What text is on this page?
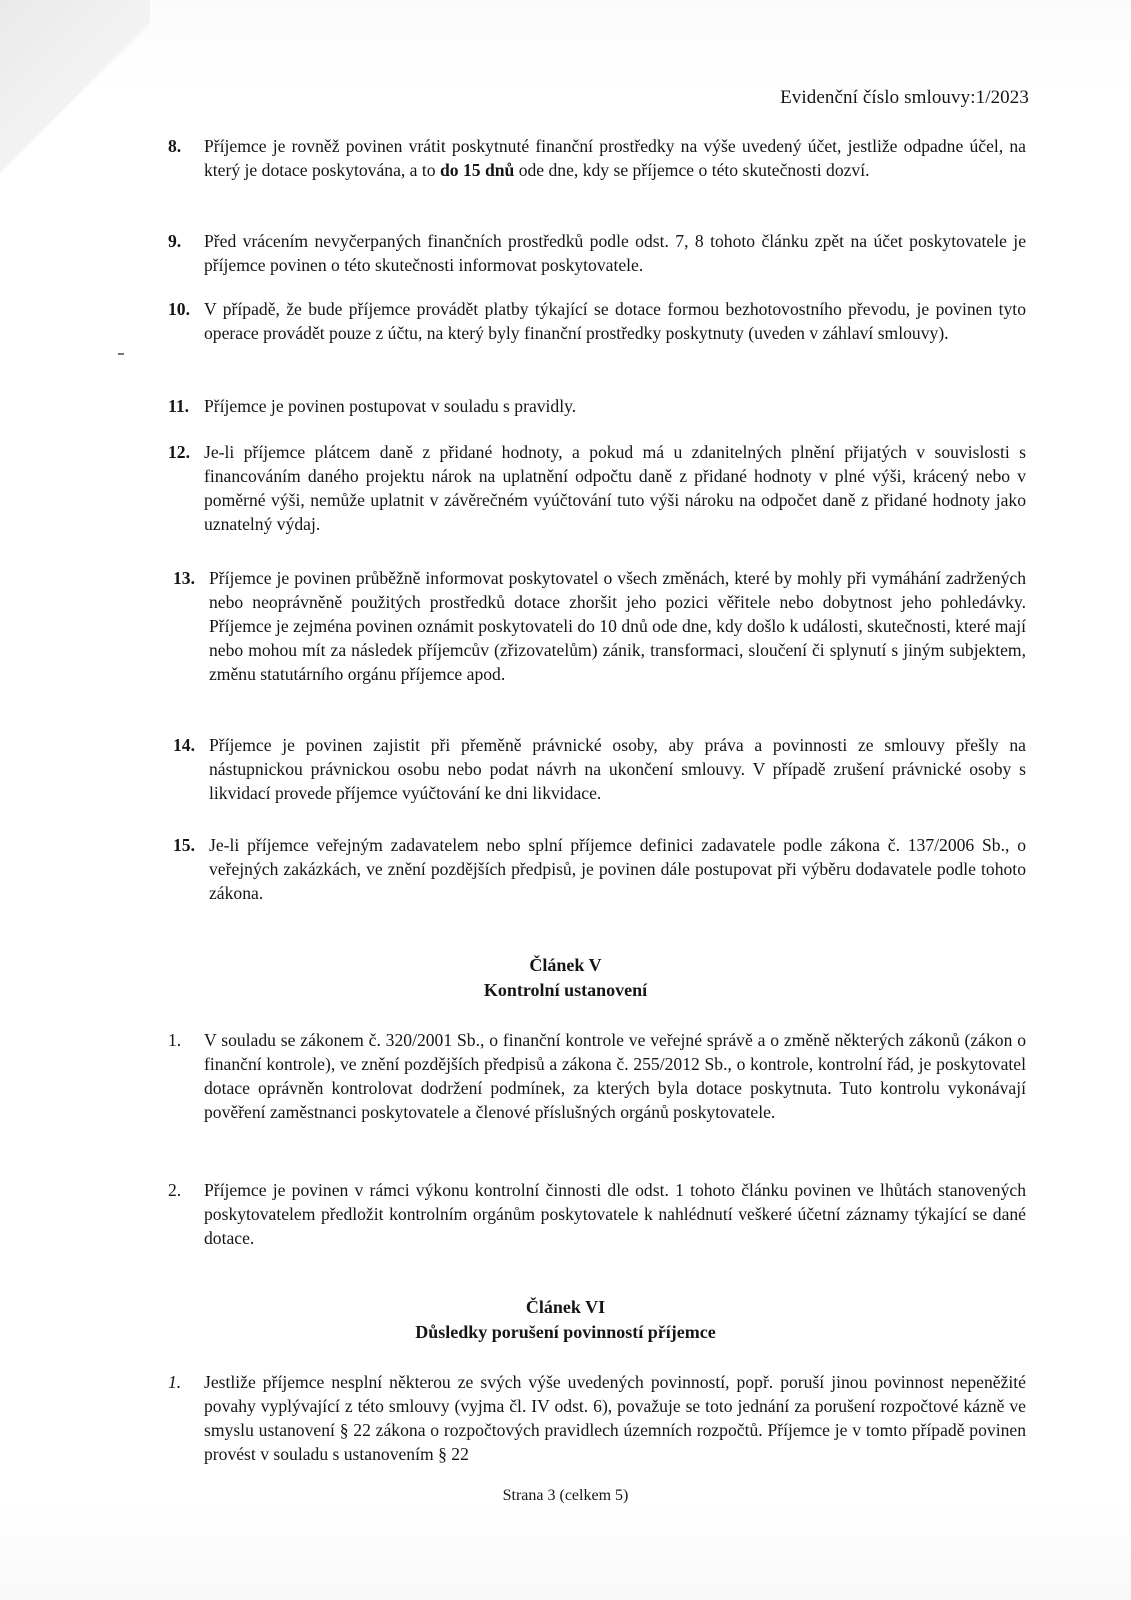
Evidenční číslo smlouvy:1/2023
8. Příjemce je rovněž povinen vrátit poskytnuté finanční prostředky na výše uvedený účet, jestliže odpadne účel, na který je dotace poskytována, a to do 15 dnů ode dne, kdy se příjemce o této skutečnosti dozví.
9. Před vrácením nevyčerpaných finančních prostředků podle odst. 7, 8 tohoto článku zpět na účet poskytovatele je příjemce povinen o této skutečnosti informovat poskytovatele.
10. V případě, že bude příjemce provádět platby týkající se dotace formou bezhotovostního převodu, je povinen tyto operace provádět pouze z účtu, na který byly finanční prostředky poskytnuty (uveden v záhlaví smlouvy).
11. Příjemce je povinen postupovat v souladu s pravidly.
12. Je-li příjemce plátcem daně z přidané hodnoty, a pokud má u zdanitelných plnění přijatých v souvislosti s financováním daného projektu nárok na uplatnění odpočtu daně z přidané hodnoty v plné výši, krácený nebo v poměrné výši, nemůže uplatnit v závěrečném vyúčtování tuto výši nároku na odpočet daně z přidané hodnoty jako uznatelný výdaj.
13. Příjemce je povinen průběžně informovat poskytovatel o všech změnách, které by mohly při vymáhání zadržených nebo neoprávněně použitých prostředků dotace zhoršit jeho pozici věřitele nebo dobytnost jeho pohledávky. Příjemce je zejména povinen oznámit poskytovateli do 10 dnů ode dne, kdy došlo k události, skutečnosti, které mají nebo mohou mít za následek příjemcův (zřizovatelům) zánik, transformaci, sloučení či splynutí s jiným subjektem, změnu statutárního orgánu příjemce apod.
14. Příjemce je povinen zajistit při přeměně právnické osoby, aby práva a povinnosti ze smlouvy přešly na nástupnickou právnickou osobu nebo podat návrh na ukončení smlouvy. V případě zrušení právnické osoby s likvidací provede příjemce vyúčtování ke dni likvidace.
15. Je-li příjemce veřejným zadavatelem nebo splní příjemce definici zadavatele podle zákona č. 137/2006 Sb., o veřejných zakázkách, ve znění pozdějších předpisů, je povinen dále postupovat při výběru dodavatele podle tohoto zákona.
Článek V
Kontrolní ustanovení
1. V souladu se zákonem č. 320/2001 Sb., o finanční kontrole ve veřejné správě a o změně některých zákonů (zákon o finanční kontrole), ve znění pozdějších předpisů a zákona č. 255/2012 Sb., o kontrole, kontrolní řád, je poskytovatel dotace oprávněn kontrolovat dodržení podmínek, za kterých byla dotace poskytnuta. Tuto kontrolu vykonávají pověření zaměstnanci poskytovatele a členové příslušných orgánů poskytovatele.
2. Příjemce je povinen v rámci výkonu kontrolní činnosti dle odst. 1 tohoto článku povinen ve lhůtách stanovených poskytovatelem předložit kontrolním orgánům poskytovatele k nahlédnutí veškeré účetní záznamy týkající se dané dotace.
Článek VI
Důsledky porušení povinností příjemce
1. Jestliže příjemce nesplní některou ze svých výše uvedených povinností, popř. poruší jinou povinnost nepeněžité povahy vyplývající z této smlouvy (vyjma čl. IV odst. 6), považuje se toto jednání za porušení rozpočtové kázně ve smyslu ustanovení § 22 zákona o rozpočtových pravidlech územních rozpočtů. Příjemce je v tomto případě povinen provést v souladu s ustanovením § 22
Strana 3 (celkem 5)
